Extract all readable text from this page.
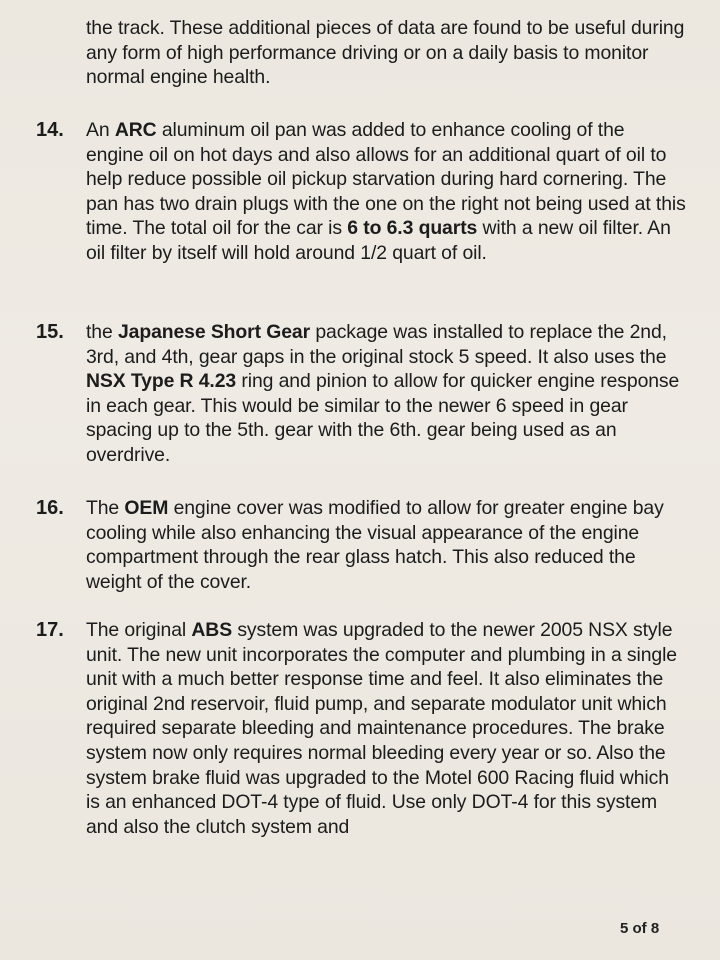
the track. These additional pieces of data are found to be useful during any form of high performance driving or on a daily basis to monitor normal engine health.
14.	An ARC aluminum oil pan was added to enhance cooling of the engine oil on hot days and also allows for an additional quart of oil to help reduce possible oil pickup starvation during hard cornering. The pan has two drain plugs with the one on the right not being used at this time. The total oil for the car is 6 to 6.3 quarts with a new oil filter. An oil filter by itself will hold around 1/2 quart of oil.
15.	the Japanese Short Gear package was installed to replace the 2nd, 3rd, and 4th, gear gaps in the original stock 5 speed. It also uses the NSX Type R 4.23 ring and pinion to allow for quicker engine response in each gear. This would be similar to the newer 6 speed in gear spacing up to the 5th. gear with the 6th. gear being used as an overdrive.
16.	The OEM engine cover was modified to allow for greater engine bay cooling while also enhancing the visual appearance of the engine compartment through the rear glass hatch. This also reduced the weight of the cover.
17.	The original ABS system was upgraded to the newer 2005 NSX style unit. The new unit incorporates the computer and plumbing in a single unit with a much better response time and feel. It also eliminates the original 2nd reservoir, fluid pump, and separate modulator unit which required separate bleeding and maintenance procedures. The brake system now only requires normal bleeding every year or so. Also the system brake fluid was upgraded to the Motel 600 Racing fluid which is an enhanced DOT-4 type of fluid. Use only DOT-4 for this system and also the clutch system and
5 of 8
